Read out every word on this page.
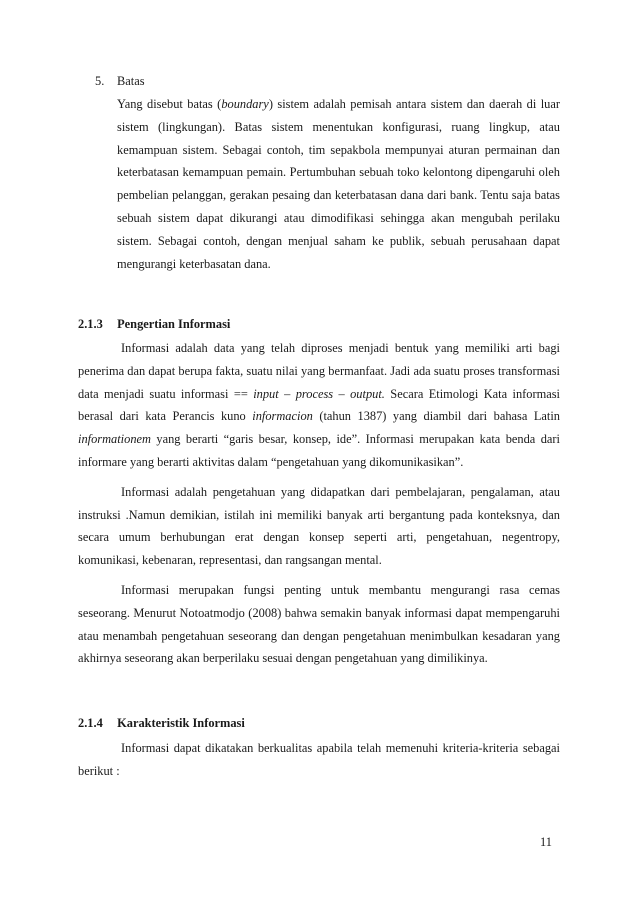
5. Batas

Yang disebut batas (boundary) sistem adalah pemisah antara sistem dan daerah di luar sistem (lingkungan). Batas sistem menentukan konfigurasi, ruang lingkup, atau kemampuan sistem. Sebagai contoh, tim sepakbola mempunyai aturan permainan dan keterbatasan kemampuan pemain. Pertumbuhan sebuah toko kelontong dipengaruhi oleh pembelian pelanggan, gerakan pesaing dan keterbatasan dana dari bank. Tentu saja batas sebuah sistem dapat dikurangi atau dimodifikasi sehingga akan mengubah perilaku sistem. Sebagai contoh, dengan menjual saham ke publik, sebuah perusahaan dapat mengurangi keterbasatan dana.

2.1.3 Pengertian Informasi

Informasi adalah data yang telah diproses menjadi bentuk yang memiliki arti bagi penerima dan dapat berupa fakta, suatu nilai yang bermanfaat. Jadi ada suatu proses transformasi data menjadi suatu informasi == input – process – output. Secara Etimologi Kata informasi berasal dari kata Perancis kuno informacion (tahun 1387) yang diambil dari bahasa Latin informationem yang berarti “garis besar, konsep, ide”. Informasi merupakan kata benda dari informare yang berarti aktivitas dalam “pengetahuan yang dikomunikasikan”.

Informasi adalah pengetahuan yang didapatkan dari pembelajaran, pengalaman, atau instruksi .Namun demikian, istilah ini memiliki banyak arti bergantung pada konteksnya, dan secara umum berhubungan erat dengan konsep seperti arti, pengetahuan, negentropy, komunikasi, kebenaran, representasi, dan rangsangan mental.

Informasi merupakan fungsi penting untuk membantu mengurangi rasa cemas seseorang. Menurut Notoatmodjo (2008) bahwa semakin banyak informasi dapat mempengaruhi atau menambah pengetahuan seseorang dan dengan pengetahuan menimbulkan kesadaran yang akhirnya seseorang akan berperilaku sesuai dengan pengetahuan yang dimilikinya.

2.1.4 Karakteristik Informasi

Informasi dapat dikatakan berkualitas apabila telah memenuhi kriteria-kriteria sebagai berikut :

11
